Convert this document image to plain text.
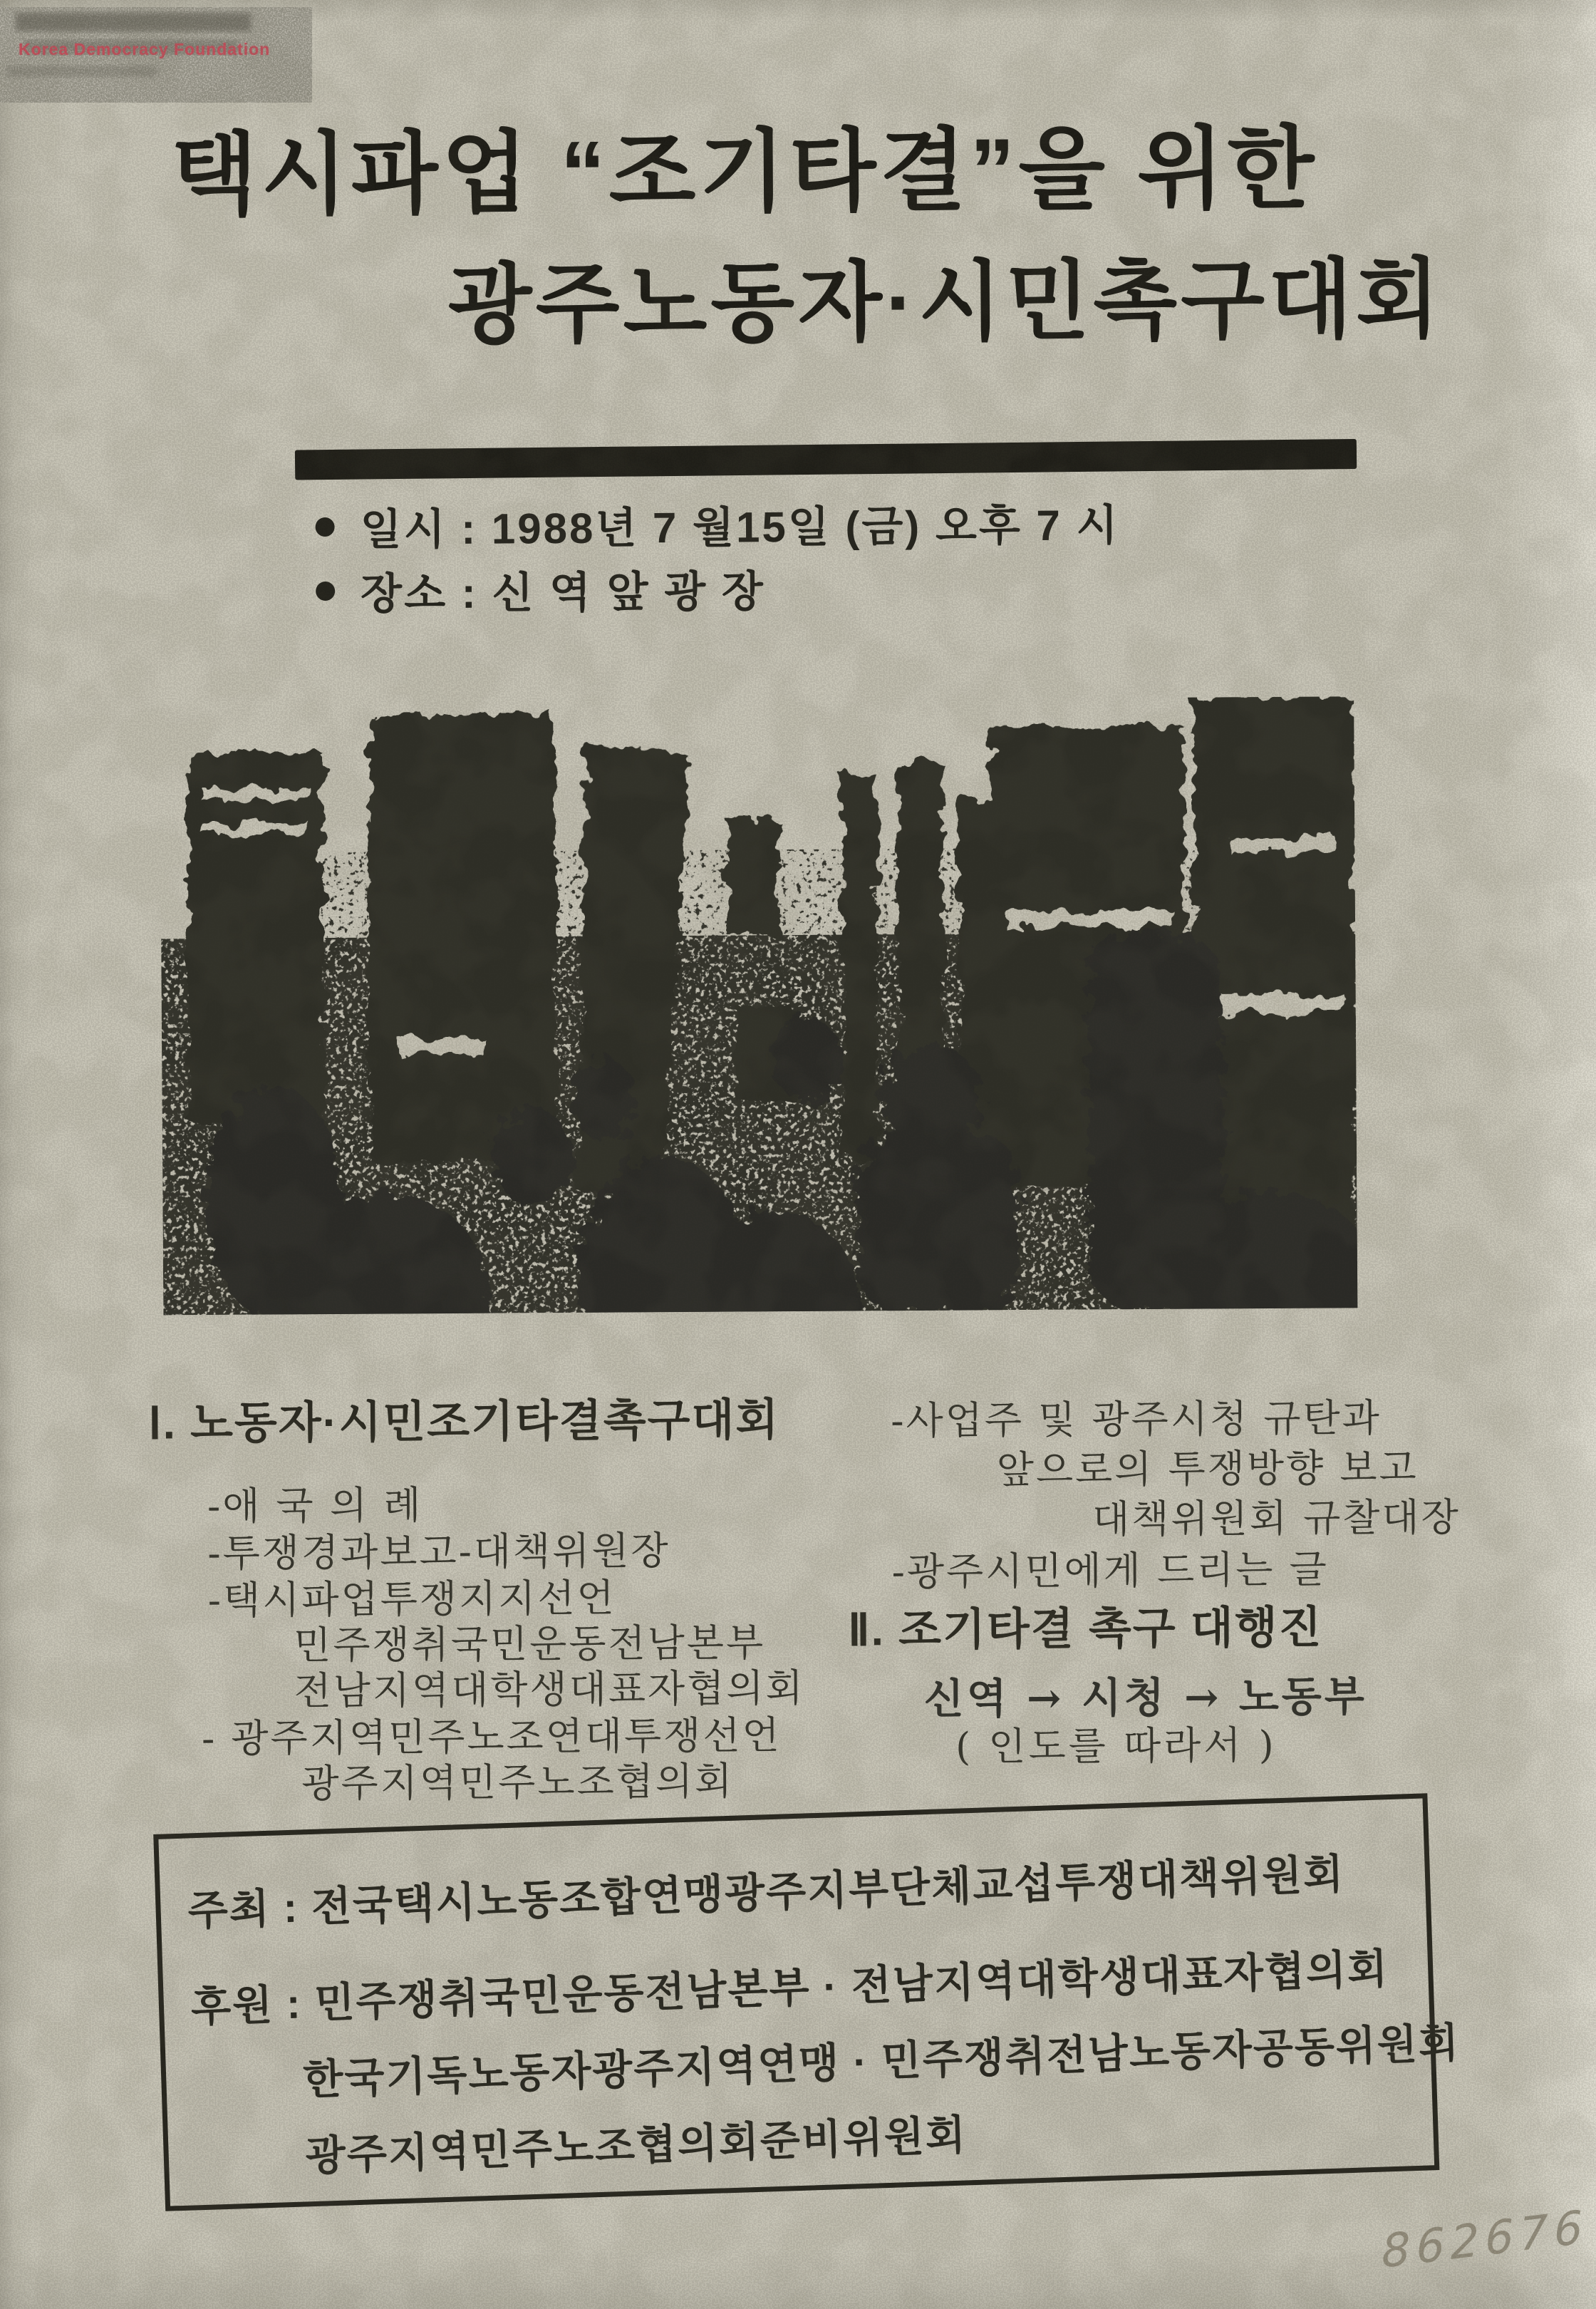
Korea Democracy Foundation
택시파업 “조기타결”을 위한
광주노동자·시민촉구대회
일시 : 1988년 7 월15일 (금) 오후 7 시
장소 : 신 역 앞 광 장
Ⅰ. 노동자·시민조기타결촉구대회
-애 국 의 례
-투쟁경과보고-대책위원장
-택시파업투쟁지지선언
민주쟁취국민운동전남본부
전남지역대학생대표자협의회
- 광주지역민주노조연대투쟁선언
광주지역민주노조협의회
-사업주 및 광주시청 규탄과
앞으로의 투쟁방향 보고
대책위원회 규찰대장
-광주시민에게 드리는 글
Ⅱ. 조기타결 촉구 대행진
신역 → 시청 → 노동부
( 인도를 따라서 )
주최 : 전국택시노동조합연맹광주지부단체교섭투쟁대책위원회
후원 : 민주쟁취국민운동전남본부 · 전남지역대학생대표자협의회
한국기독노동자광주지역연맹 · 민주쟁취전남노동자공동위원회
광주지역민주노조협의회준비위원회
862676
